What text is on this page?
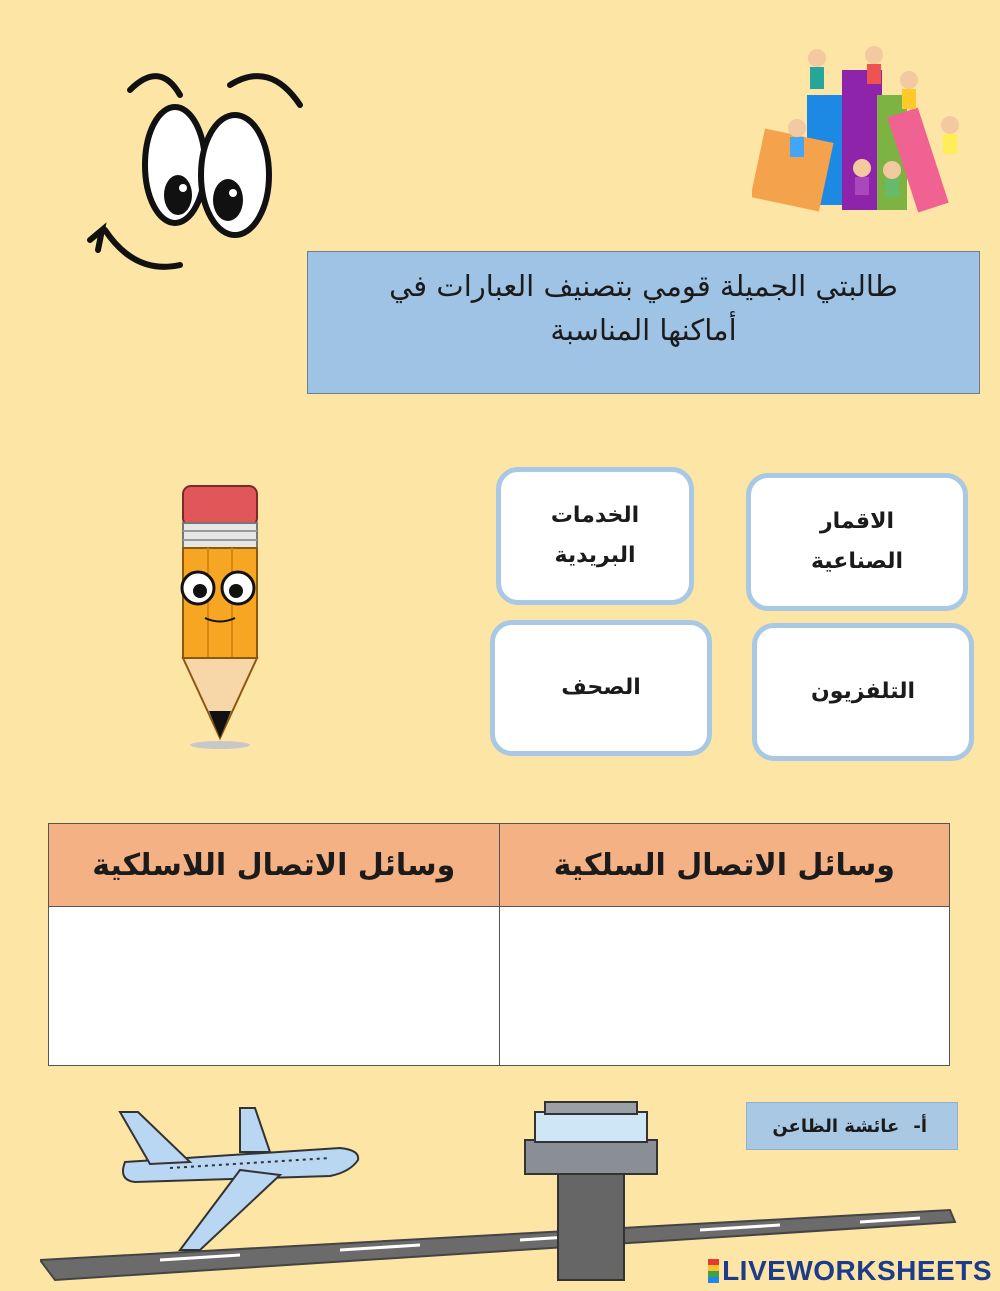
طالبتي الجميلة قومي بتصنيف العبارات في
أماكنها المناسبة
الخدمات
البريدية
الاقمار
الصناعية
الصحف	التلفزيون
وسائل الاتصال السلكية	وسائل الاتصال اللاسلكية

أ-
عائشة الظاعن
LIVEWORKSHEETS
